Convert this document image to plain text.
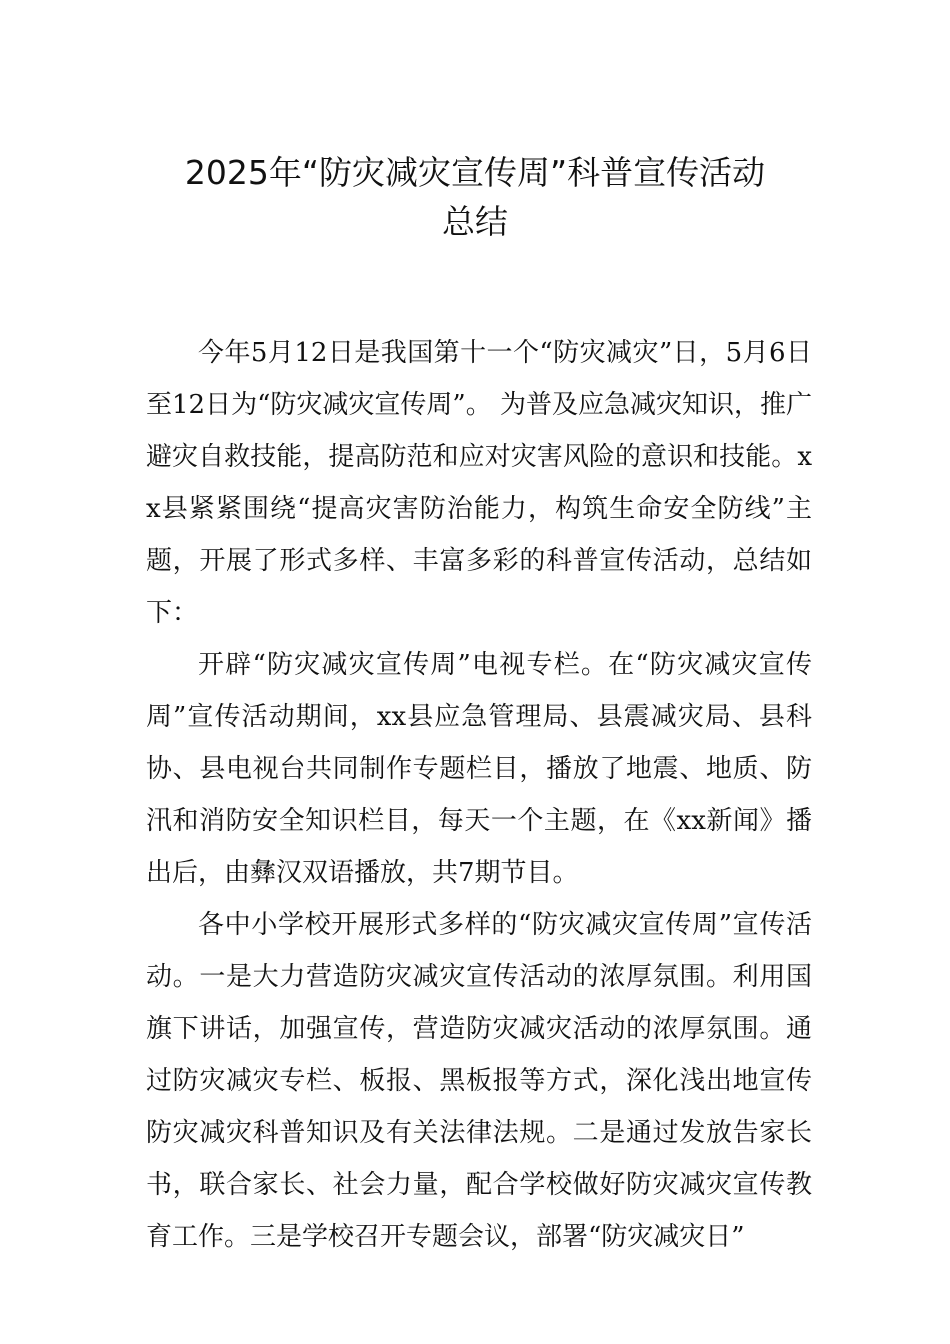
2025年“防灾减灾宣传周”科普宣传活动
总结

今年5月12日是我国第十一个“防灾减灾”日，5月6日至12日为“防灾减灾宣传周”。 为普及应急减灾知识，推广避灾自救技能，提高防范和应对灾害风险的意识和技能。xx县紧紧围绕“提高灾害防治能力，构筑生命安全防线”主题，开展了形式多样、丰富多彩的科普宣传活动，总结如下：

开辟“防灾减灾宣传周”电视专栏。在“防灾减灾宣传周”宣传活动期间，xx县应急管理局、县震减灾局、县科协、县电视台共同制作专题栏目，播放了地震、地质、防汛和消防安全知识栏目，每天一个主题，在《xx新闻》播出后，由彝汉双语播放，共7期节目。

各中小学校开展形式多样的“防灾减灾宣传周”宣传活动。一是大力营造防灾减灾宣传活动的浓厚氛围。利用国旗下讲话，加强宣传，营造防灾减灾活动的浓厚氛围。通过防灾减灾专栏、板报、黑板报等方式，深化浅出地宣传防灾减灾科普知识及有关法律法规。二是通过发放告家长书，联合家长、社会力量，配合学校做好防灾减灾宣传教育工作。三是学校召开专题会议，部署“防灾减灾日”
